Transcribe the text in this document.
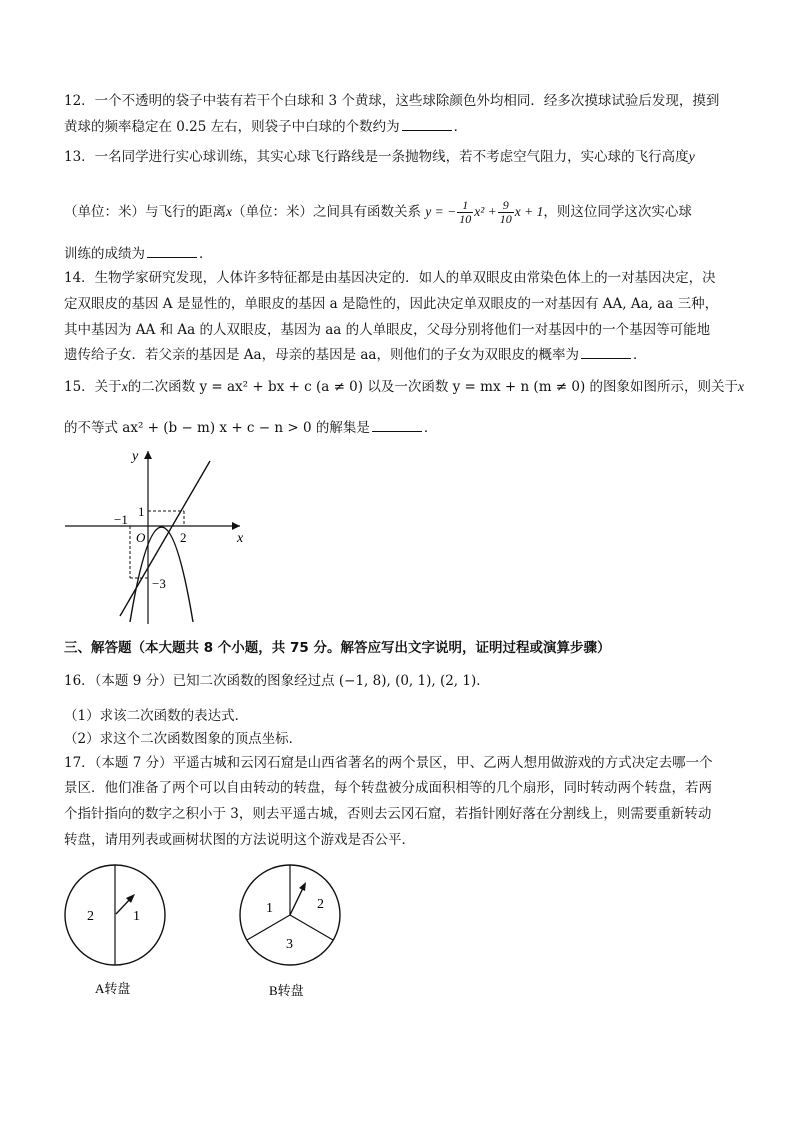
12．一个不透明的袋子中装有若干个白球和 3 个黄球，这些球除颜色外均相同．经多次摸球试验后发现，摸到
黄球的频率稳定在 0.25 左右，则袋子中白球的个数约为	．
13．一名同学进行实心球训练，其实心球飞行路线是一条抛物线，若不考虑空气阻力，实心球的飞行高度y
（单位：米）与飞行的距离x（单位：米）之间具有函数关系 y = − $\frac{1}{10} x^2 + \frac{9}{10}$ x + 1，则这位同学这次实心球
训练的成绩为	．
14．生物学家研究发现，人体许多特征都是由基因决定的．如人的单双眼皮由常染色体上的一对基因决定，决
定双眼皮的基因 A 是显性的，单眼皮的基因 a 是隐性的，因此决定单双眼皮的一对基因有 AA, Aa, aa 三种，
其中基因为 AA 和 Aa 的人双眼皮，基因为 aa 的人单眼皮，父母分别将他们一对基因中的一个基因等可能地
遗传给子女．若父亲的基因是 Aa，母亲的基因是 aa，则他们的子女为双眼皮的概率为	．
15．关于x的二次函数 y = ax² + bx + c (a ≠ 0) 以及一次函数 y = mx + n (m ≠ 0) 的图象如图所示，则关于x
的不等式 ax² + (b − m) x + c − n > 0 的解集是	．
y
x
O
1
−1
2
−3
三、解答题（本大题共 8 个小题，共 75 分。解答应写出文字说明，证明过程或演算步骤）
16．（本题 9 分）已知二次函数的图象经过点 (−1, 8), (0, 1), (2, 1)．
（1）求该二次函数的表达式．
（2）求这个二次函数图象的顶点坐标．
17．（本题 7 分）平遥古城和云冈石窟是山西省著名的两个景区，甲、乙两人想用做游戏的方式决定去哪一个
景区．他们准备了两个可以自由转动的转盘，每个转盘被分成面积相等的几个扇形，同时转动两个转盘，若两
个指针指向的数字之积小于 3，则去平遥古城，否则去云冈石窟，若指针刚好落在分割线上，则需要重新转动
转盘，请用列表或画树状图的方法说明这个游戏是否公平．
2	1
A转盘
1	2
3
B转盘
